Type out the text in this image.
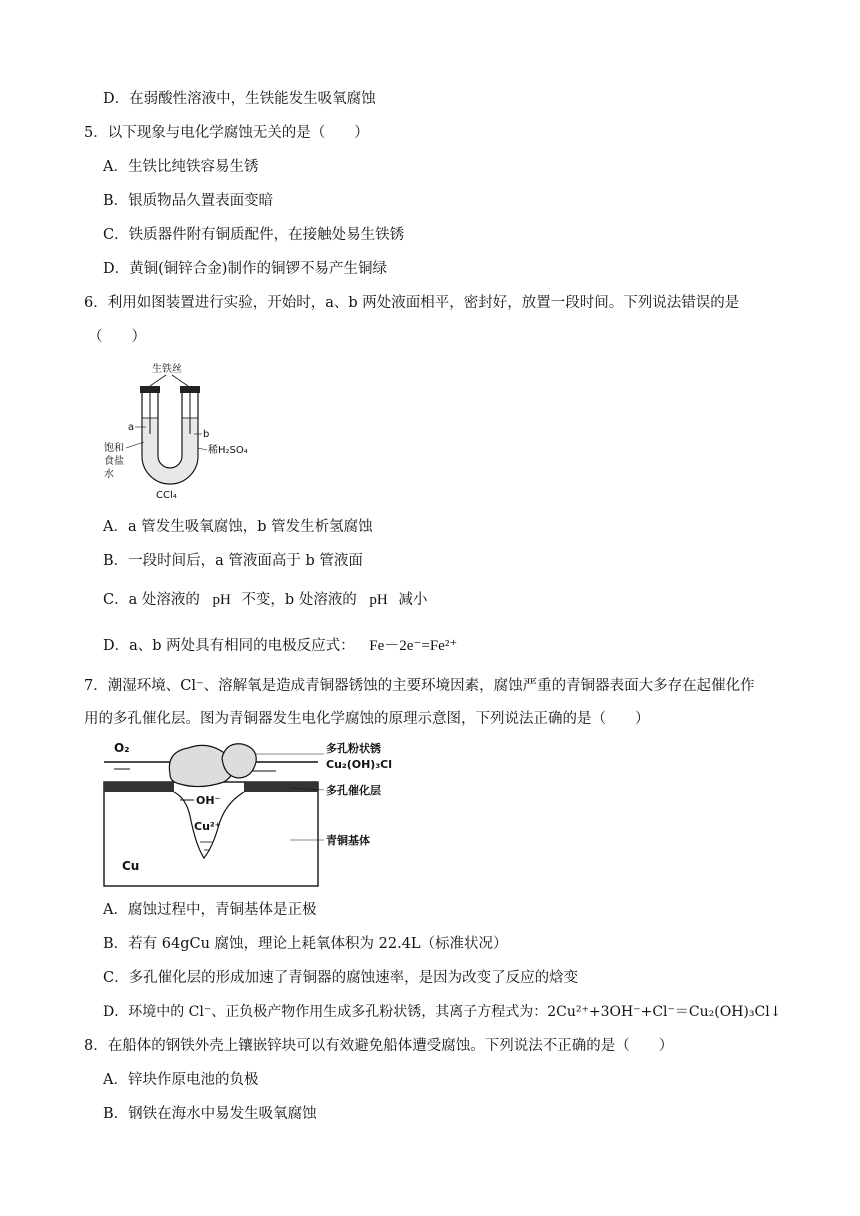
D．在弱酸性溶液中，生铁能发生吸氧腐蚀
5．以下现象与电化学腐蚀无关的是（　　）
A．生铁比纯铁容易生锈
B．银质物品久置表面变暗
C．铁质器件附有铜质配件，在接触处易生铁锈
D．黄铜(铜锌合金)制作的铜锣不易产生铜绿
6．利用如图装置进行实验，开始时，a、b 两处液面相平，密封好，放置一段时间。下列说法错误的是
（　　）
生铁丝
a
b
饱和
食盐
水
稀H₂SO₄
CCl₄
A．a 管发生吸氧腐蚀，b 管发生析氢腐蚀
B．一段时间后，a 管液面高于 b 管液面
C．a 处溶液的 pH 不变，b 处溶液的 pH 减小
D．a、b 两处具有相同的电极反应式： Fe－2e⁻=Fe²⁺
7．潮湿环境、Cl⁻、溶解氧是造成青铜器锈蚀的主要环境因素，腐蚀严重的青铜器表面大多存在起催化作
用的多孔催化层。图为青铜器发生电化学腐蚀的原理示意图，下列说法正确的是（　　）
O₂
OH⁻
Cu²⁺
Cu
多孔粉状锈
Cu₂(OH)₃Cl
多孔催化层
青铜基体
A．腐蚀过程中，青铜基体是正极
B．若有 64gCu 腐蚀，理论上耗氧体积为 22.4L（标准状况）
C．多孔催化层的形成加速了青铜器的腐蚀速率，是因为改变了反应的焓变
D．环境中的 Cl⁻、正负极产物作用生成多孔粉状锈，其离子方程式为：2Cu²⁺+3OH⁻+Cl⁻＝Cu₂(OH)₃Cl↓
8．在船体的钢铁外壳上镶嵌锌块可以有效避免船体遭受腐蚀。下列说法不正确的是（　　）
A．锌块作原电池的负极
B．钢铁在海水中易发生吸氧腐蚀
